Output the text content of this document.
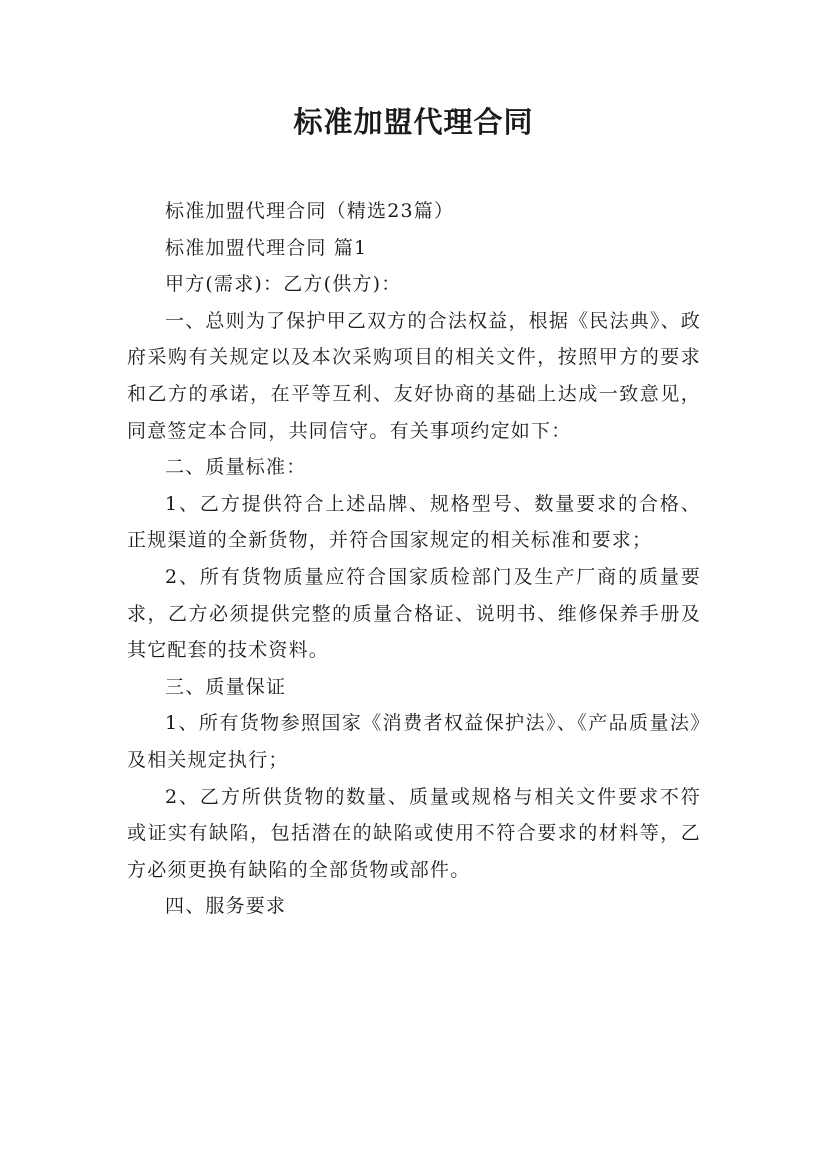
标准加盟代理合同

标准加盟代理合同（精选23篇）

标准加盟代理合同 篇1

甲方(需求)：乙方(供方)：

一、总则为了保护甲乙双方的合法权益，根据《民法典》、政府采购有关规定以及本次采购项目的相关文件，按照甲方的要求和乙方的承诺，在平等互利、友好协商的基础上达成一致意见，同意签定本合同，共同信守。有关事项约定如下：

二、质量标准：

1、乙方提供符合上述品牌、规格型号、数量要求的合格、正规渠道的全新货物，并符合国家规定的相关标准和要求；

2、所有货物质量应符合国家质检部门及生产厂商的质量要求，乙方必须提供完整的质量合格证、说明书、维修保养手册及其它配套的技术资料。

三、质量保证

1、所有货物参照国家《消费者权益保护法》、《产品质量法》及相关规定执行；

2、乙方所供货物的数量、质量或规格与相关文件要求不符或证实有缺陷，包括潜在的缺陷或使用不符合要求的材料等，乙方必须更换有缺陷的全部货物或部件。

四、服务要求
